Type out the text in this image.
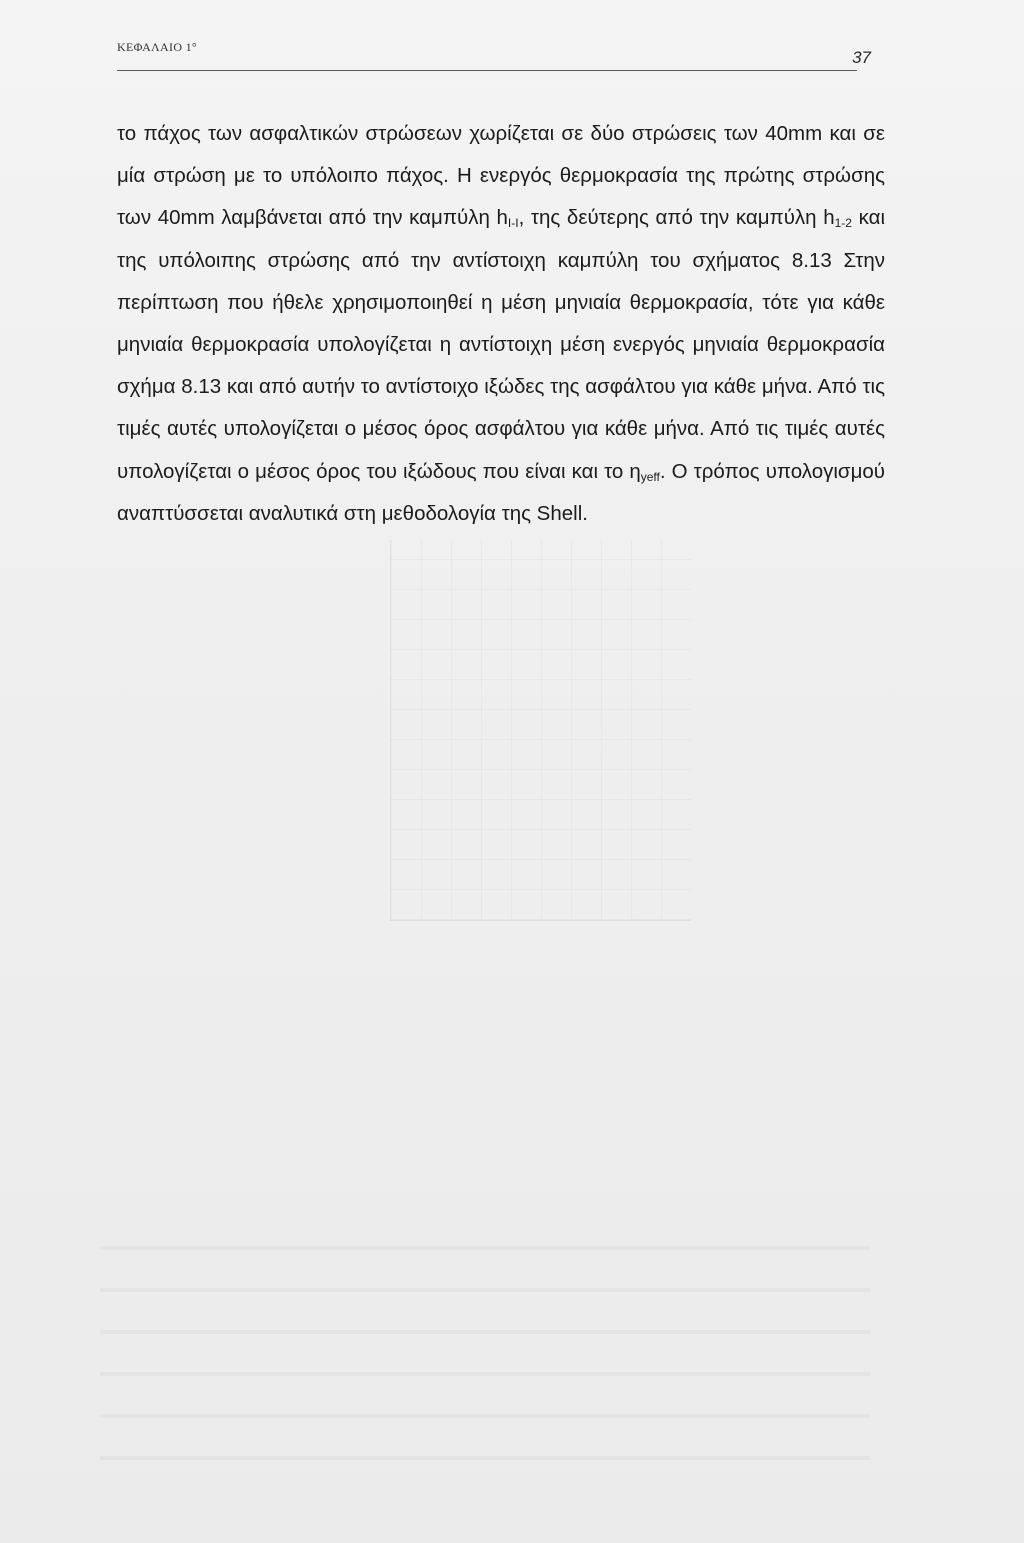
ΚΕΦΑΛΑΙΟ 1°
37

το πάχος των ασφαλτικών στρώσεων χωρίζεται σε δύο στρώσεις των 40mm και σε μία στρώση με το υπόλοιπο πάχος. Η ενεργός θερμοκρασία της πρώτης στρώσης των 40mm λαμβάνεται από την καμπύλη $h_{I-I}$, της δεύτερης από την καμπύλη $h_{1-2}$ και της υπόλοιπης στρώσης από την αντίστοιχη καμπύλη του σχήματος 8.13 Στην περίπτωση που ήθελε χρησιμοποιηθεί η μέση μηνιαία θερμοκρασία, τότε για κάθε μηνιαία θερμοκρασία υπολογίζεται η αντίστοιχη μέση ενεργός μηνιαία θερμοκρασία σχήμα 8.13 και από αυτήν το αντίστοιχο ιξώδες της ασφάλτου για κάθε μήνα. Από τις τιμές αυτές υπολογίζεται ο μέσος όρος ασφάλτου για κάθε μήνα. Από τις τιμές αυτές υπολογίζεται ο μέσος όρος του ιξώδους που είναι και το $\eta_{yeff}$. Ο τρόπος υπολογισμού αναπτύσσεται αναλυτικά στη μεθοδολογία της Shell.
